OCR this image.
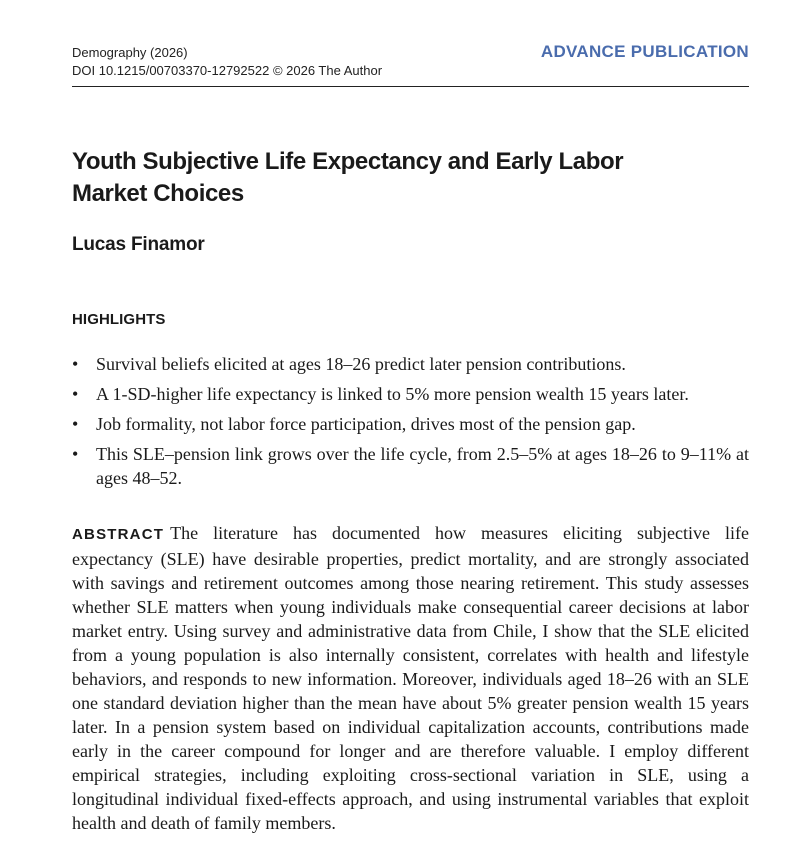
Demography (2026)
DOI 10.1215/00703370-12792522 © 2026 The Author
ADVANCE PUBLICATION
Youth Subjective Life Expectancy and Early Labor Market Choices
Lucas Finamor
HIGHLIGHTS
• Survival beliefs elicited at ages 18–26 predict later pension contributions.
• A 1-SD-higher life expectancy is linked to 5% more pension wealth 15 years later.
• Job formality, not labor force participation, drives most of the pension gap.
• This SLE–pension link grows over the life cycle, from 2.5–5% at ages 18–26 to 9–11% at ages 48–52.

ABSTRACT The literature has documented how measures eliciting subjective life expectancy (SLE) have desirable properties, predict mortality, and are strongly associated with savings and retirement outcomes among those nearing retirement. This study assesses whether SLE matters when young individuals make consequential career decisions at labor market entry. Using survey and administrative data from Chile, I show that the SLE elicited from a young population is also internally consistent, correlates with health and lifestyle behaviors, and responds to new information. Moreover, individuals aged 18–26 with an SLE one standard deviation higher than the mean have about 5% greater pension wealth 15 years later. In a pension system based on individual capitalization accounts, contributions made early in the career compound for longer and are therefore valuable. I employ different empirical strategies, including exploiting cross-sectional variation in SLE, using a longitudinal individual fixed-effects approach, and using instrumental variables that exploit health and death of family members.
